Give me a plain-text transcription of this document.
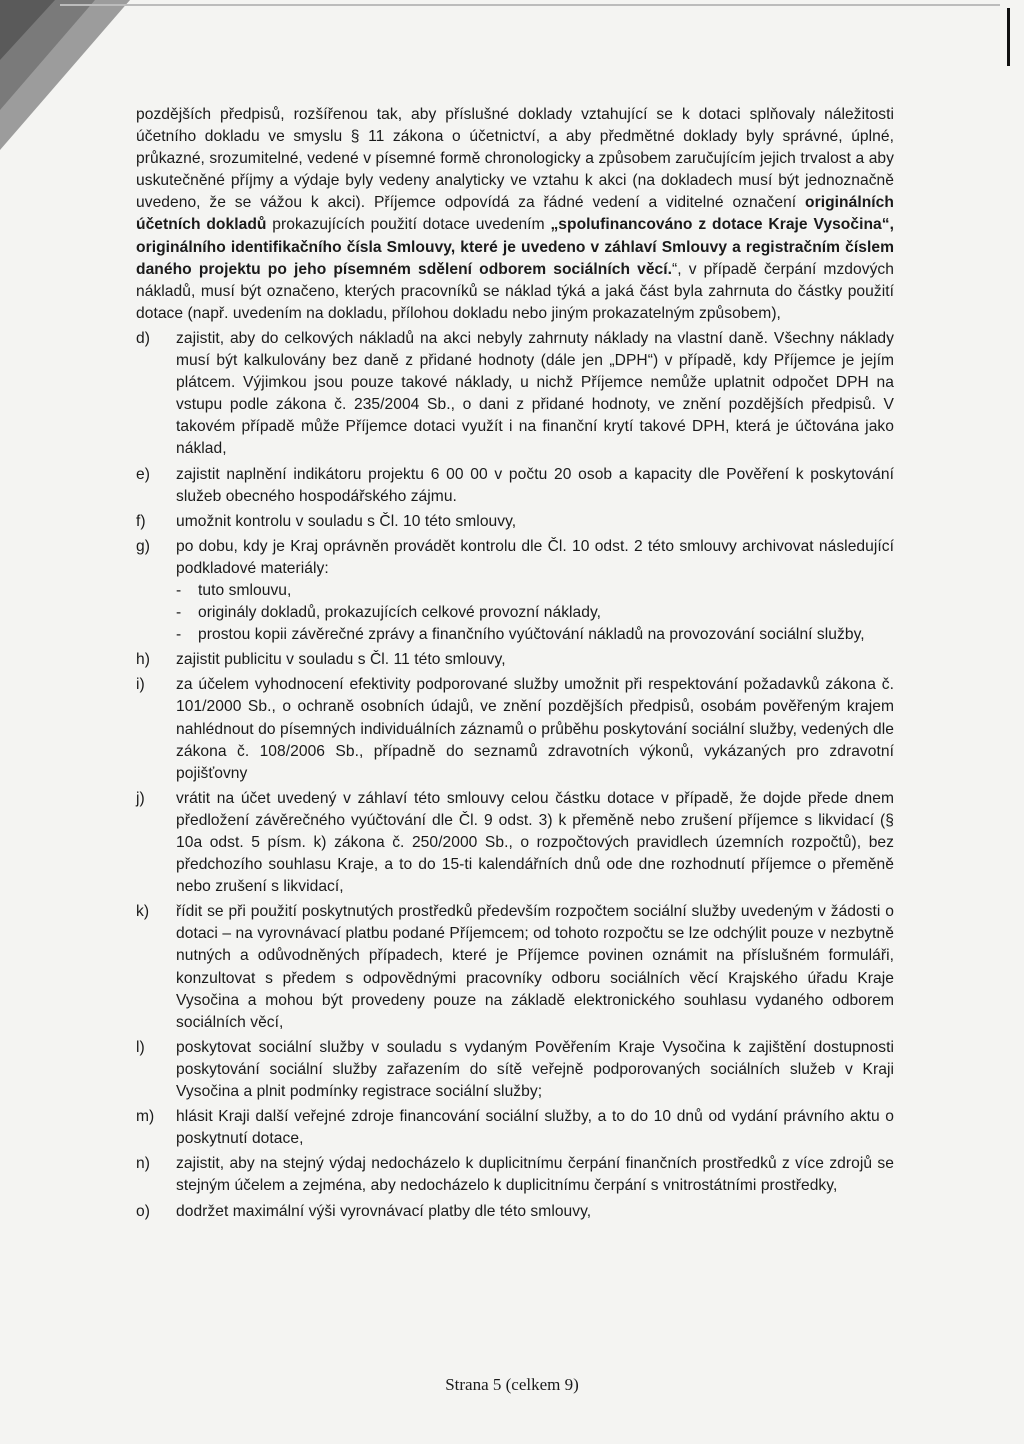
pozdějších předpisů, rozšířenou tak, aby příslušné doklady vztahující se k dotaci splňovaly náležitosti účetního dokladu ve smyslu § 11 zákona o účetnictví, a aby předmětné doklady byly správné, úplné, průkazné, srozumitelné, vedené v písemné formě chronologicky a způsobem zaručujícím jejich trvalost a aby uskutečněné příjmy a výdaje byly vedeny analyticky ve vztahu k akci (na dokladech musí být jednoznačně uvedeno, že se vážou k akci). Příjemce odpovídá za řádné vedení a viditelné označení originálních účetních dokladů prokazujících použití dotace uvedením „spolufinancováno z dotace Kraje Vysočina“, originálního identifikačního čísla Smlouvy, které je uvedeno v záhlaví Smlouvy a registračním číslem daného projektu po jeho písemném sdělení odborem sociálních věcí.“, v případě čerpání mzdových nákladů, musí být označeno, kterých pracovníků se náklad týká a jaká část byla zahrnuta do částky použití dotace (např. uvedením na dokladu, přílohou dokladu nebo jiným prokazatelným způsobem),
d) zajistit, aby do celkových nákladů na akci nebyly zahrnuty náklady na vlastní daně. Všechny náklady musí být kalkulovány bez daně z přidané hodnoty (dále jen „DPH“) v případě, kdy Příjemce je jejím plátcem. Výjimkou jsou pouze takové náklady, u nichž Příjemce nemůže uplatnit odpočet DPH na vstupu podle zákona č. 235/2004 Sb., o dani z přidané hodnoty, ve znění pozdějších předpisů. V takovém případě může Příjemce dotaci využít i na finanční krytí takové DPH, která je účtována jako náklad,
e) zajistit naplnění indikátoru projektu 6 00 00 v počtu 20 osob a kapacity dle Pověření k poskytování služeb obecného hospodářského zájmu.
f) umožnit kontrolu v souladu s Čl. 10 této smlouvy,
g) po dobu, kdy je Kraj oprávněn provádět kontrolu dle Čl. 10 odst. 2 této smlouvy archivovat následující podkladové materiály:
- tuto smlouvu,
- originály dokladů, prokazujících celkové provozní náklady,
- prostou kopii závěrečné zprávy a finančního vyúčtování nákladů na provozování sociální služby,
h) zajistit publicitu v souladu s Čl. 11 této smlouvy,
i) za účelem vyhodnocení efektivity podporované služby umožnit při respektování požadavků zákona č. 101/2000 Sb., o ochraně osobních údajů, ve znění pozdějších předpisů, osobám pověřeným krajem nahlédnout do písemných individuálních záznamů o průběhu poskytování sociální služby, vedených dle zákona č. 108/2006 Sb., případně do seznamů zdravotních výkonů, vykázaných pro zdravotní pojišťovny
j) vrátit na účet uvedený v záhlaví této smlouvy celou částku dotace v případě, že dojde přede dnem předložení závěrečného vyúčtování dle Čl. 9 odst. 3) k přeměně nebo zrušení příjemce s likvidací (§ 10a odst. 5 písm. k) zákona č. 250/2000 Sb., o rozpočtových pravidlech územních rozpočtů), bez předchozího souhlasu Kraje, a to do 15-ti kalendářních dnů ode dne rozhodnutí příjemce o přeměně nebo zrušení s likvidací,
k) řídit se při použití poskytnutých prostředků především rozpočtem sociální služby uvedeným v žádosti o dotaci – na vyrovnávací platbu podané Příjemcem; od tohoto rozpočtu se lze odchýlit pouze v nezbytně nutných a odůvodněných případech, které je Příjemce povinen oznámit na příslušném formuláři, konzultovat s předem s odpovědnými pracovníky odboru sociálních věcí Krajského úřadu Kraje Vysočina a mohou být provedeny pouze na základě elektronického souhlasu vydaného odborem sociálních věcí,
l) poskytovat sociální služby v souladu s vydaným Pověřením Kraje Vysočina k zajištění dostupnosti poskytování sociální služby zařazením do sítě veřejně podporovaných sociálních služeb v Kraji Vysočina a plnit podmínky registrace sociální služby;
m) hlásit Kraji další veřejné zdroje financování sociální služby, a to do 10 dnů od vydání právního aktu o poskytnutí dotace,
n) zajistit, aby na stejný výdaj nedocházelo k duplicitnímu čerpání finančních prostředků z více zdrojů se stejným účelem a zejména, aby nedocházelo k duplicitnímu čerpání s vnitrostátními prostředky,
o) dodržet maximální výši vyrovnávací platby dle této smlouvy,
Strana 5 (celkem 9)
